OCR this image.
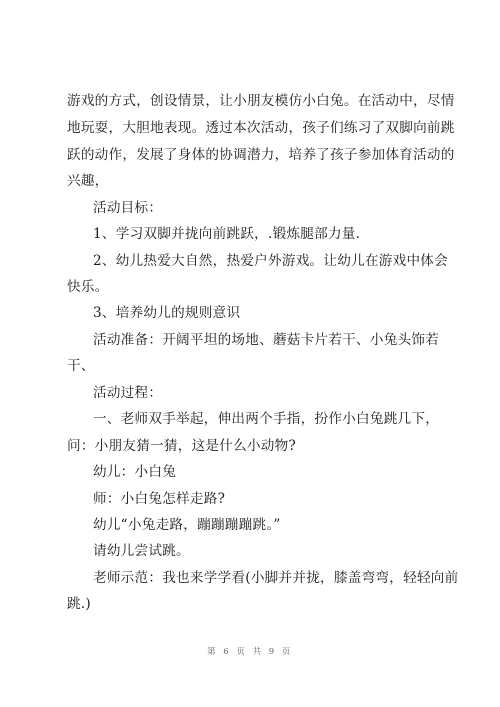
游戏的方式，创设情景，让小朋友模仿小白兔。在活动中，尽情
地玩耍，大胆地表现。透过本次活动，孩子们练习了双脚向前跳
跃的动作，发展了身体的协调潜力，培养了孩子参加体育活动的
兴趣，
活动目标：
1、学习双脚并拢向前跳跃，.锻炼腿部力量.
2、幼儿热爱大自然，热爱户外游戏。让幼儿在游戏中体会
快乐。
3、培养幼儿的规则意识
活动准备：开阔平坦的场地、蘑菇卡片若干、小兔头饰若
干、
活动过程：
一、老师双手举起，伸出两个手指，扮作小白兔跳几下，
问：小朋友猜一猜，这是什么小动物?
幼儿：小白兔
师：小白兔怎样走路?
幼儿“小兔走路，蹦蹦蹦蹦跳。”
请幼儿尝试跳。
老师示范：我也来学学看(小脚并并拢，膝盖弯弯，轻轻向前
跳.)
第 6 页 共 9 页
